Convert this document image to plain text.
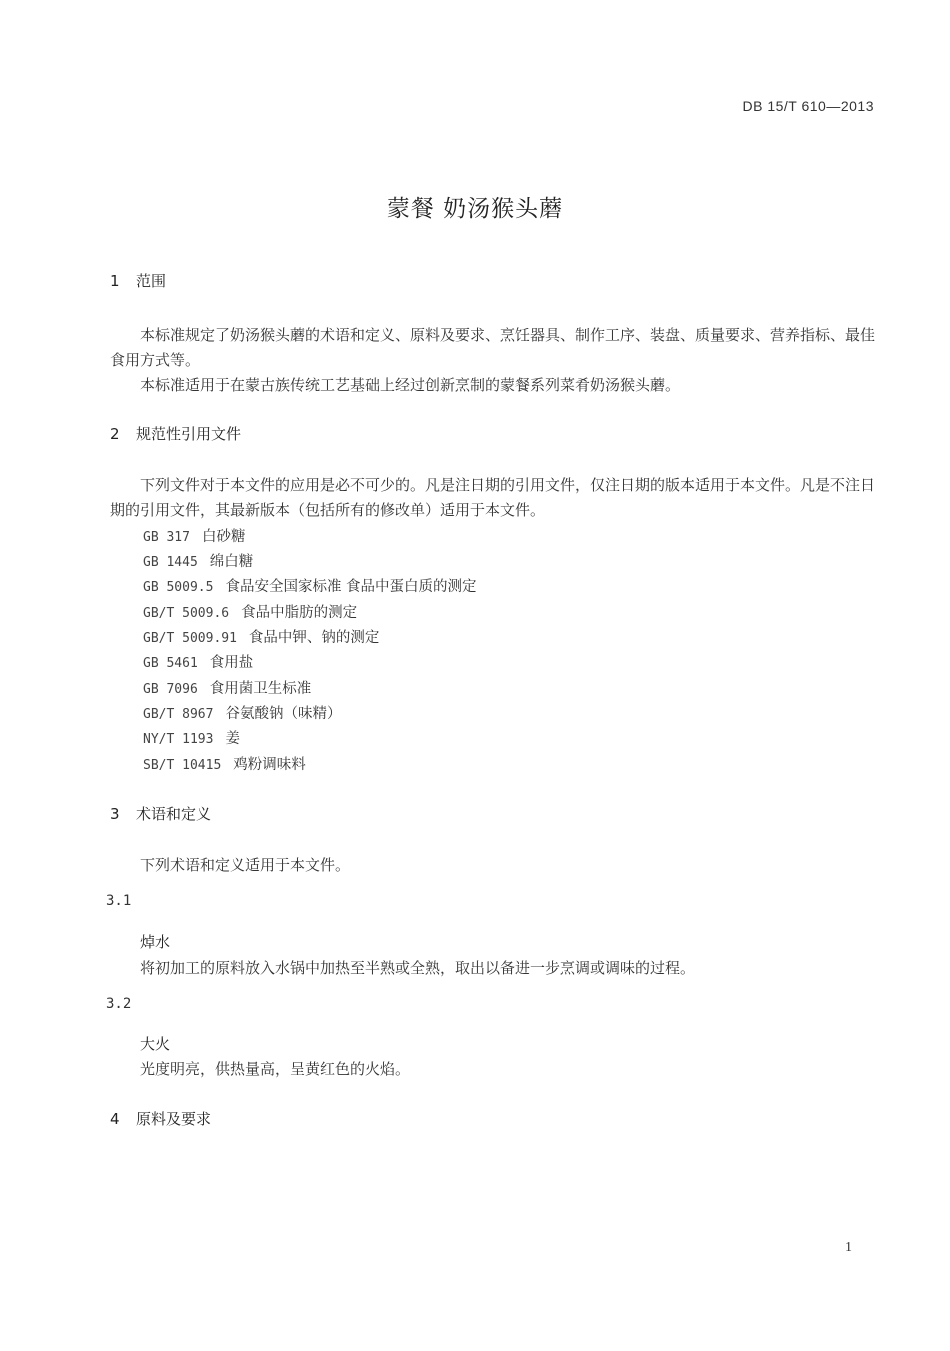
DB 15/T 610—2013
蒙餐 奶汤猴头蘑
1 范围
本标准规定了奶汤猴头蘑的术语和定义、原料及要求、烹饪器具、制作工序、装盘、质量要求、营养指标、最佳食用方式等。
本标准适用于在蒙古族传统工艺基础上经过创新烹制的蒙餐系列菜肴奶汤猴头蘑。
2 规范性引用文件
下列文件对于本文件的应用是必不可少的。凡是注日期的引用文件，仅注日期的版本适用于本文件。凡是不注日期的引用文件，其最新版本（包括所有的修改单）适用于本文件。
GB 317 白砂糖
GB 1445 绵白糖
GB 5009.5 食品安全国家标准 食品中蛋白质的测定
GB/T 5009.6 食品中脂肪的测定
GB/T 5009.91 食品中钾、钠的测定
GB 5461 食用盐
GB 7096 食用菌卫生标准
GB/T 8967 谷氨酸钠（味精）
NY/T 1193 姜
SB/T 10415 鸡粉调味料
3 术语和定义
下列术语和定义适用于本文件。
3.1
焯水
将初加工的原料放入水锅中加热至半熟或全熟，取出以备进一步烹调或调味的过程。
3.2
大火
光度明亮，供热量高，呈黄红色的火焰。
4 原料及要求
1
